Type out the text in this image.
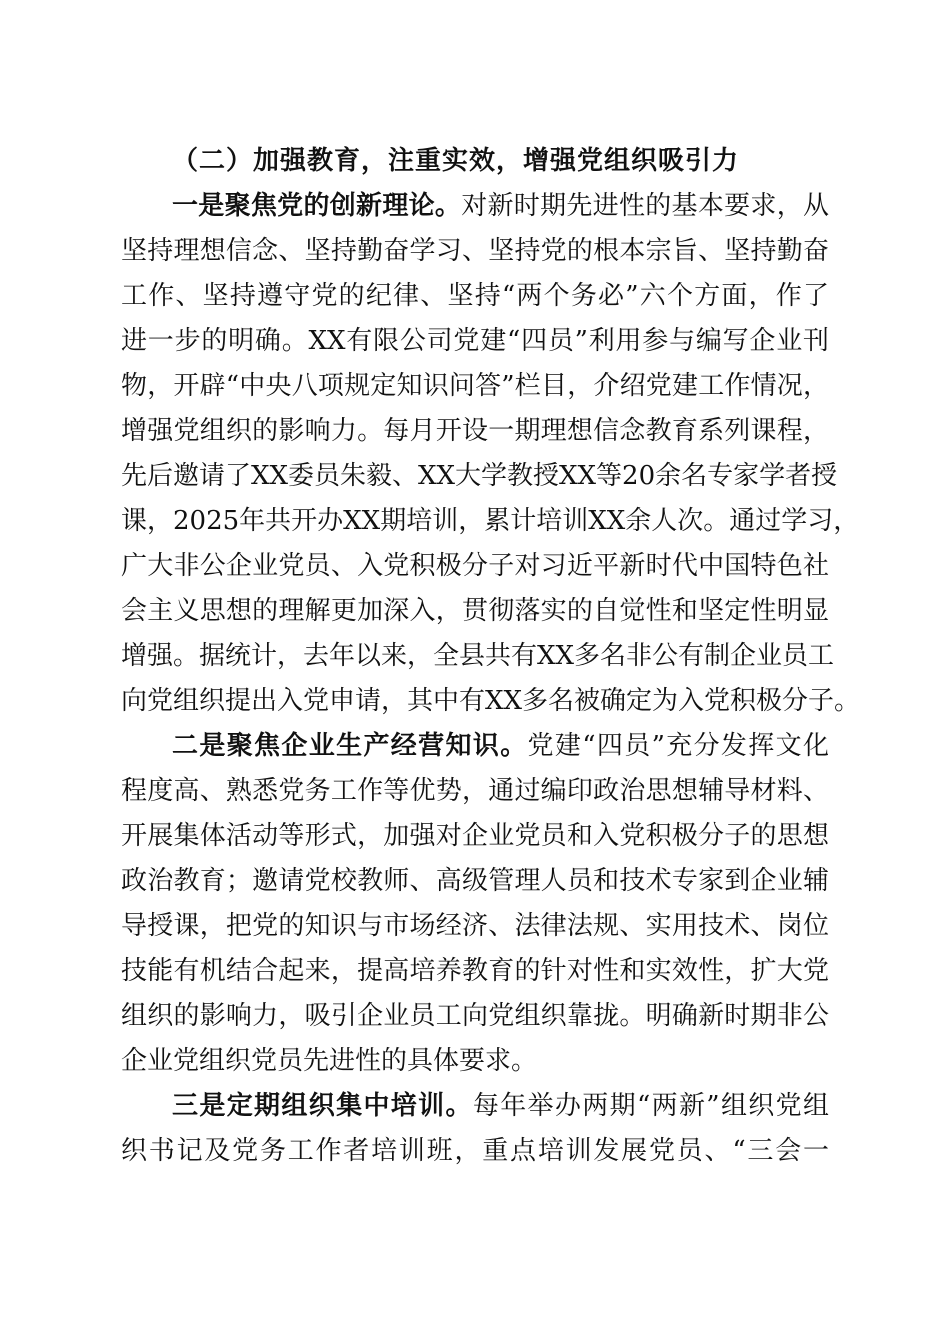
（二）加强教育，注重实效，增强党组织吸引力
一是聚焦党的创新理论。对新时期先进性的基本要求，从
坚持理想信念、坚持勤奋学习、坚持党的根本宗旨、坚持勤奋
工作、坚持遵守党的纪律、坚持“两个务必”六个方面，作了
进一步的明确。XX有限公司党建“四员”利用参与编写企业刊
物，开辟“中央八项规定知识问答”栏目，介绍党建工作情况，
增强党组织的影响力。每月开设一期理想信念教育系列课程，
先后邀请了XX委员朱毅、XX大学教授XX等20余名专家学者授
课，2025年共开办XX期培训，累计培训XX余人次。通过学习，
广大非公企业党员、入党积极分子对习近平新时代中国特色社
会主义思想的理解更加深入，贯彻落实的自觉性和坚定性明显
增强。据统计，去年以来，全县共有XX多名非公有制企业员工
向党组织提出入党申请，其中有XX多名被确定为入党积极分子。
二是聚焦企业生产经营知识。党建“四员”充分发挥文化
程度高、熟悉党务工作等优势，通过编印政治思想辅导材料、
开展集体活动等形式，加强对企业党员和入党积极分子的思想
政治教育；邀请党校教师、高级管理人员和技术专家到企业辅
导授课，把党的知识与市场经济、法律法规、实用技术、岗位
技能有机结合起来，提高培养教育的针对性和实效性，扩大党
组织的影响力，吸引企业员工向党组织靠拢。明确新时期非公
企业党组织党员先进性的具体要求。
三是定期组织集中培训。每年举办两期“两新”组织党组
织书记及党务工作者培训班，重点培训发展党员、“三会一
